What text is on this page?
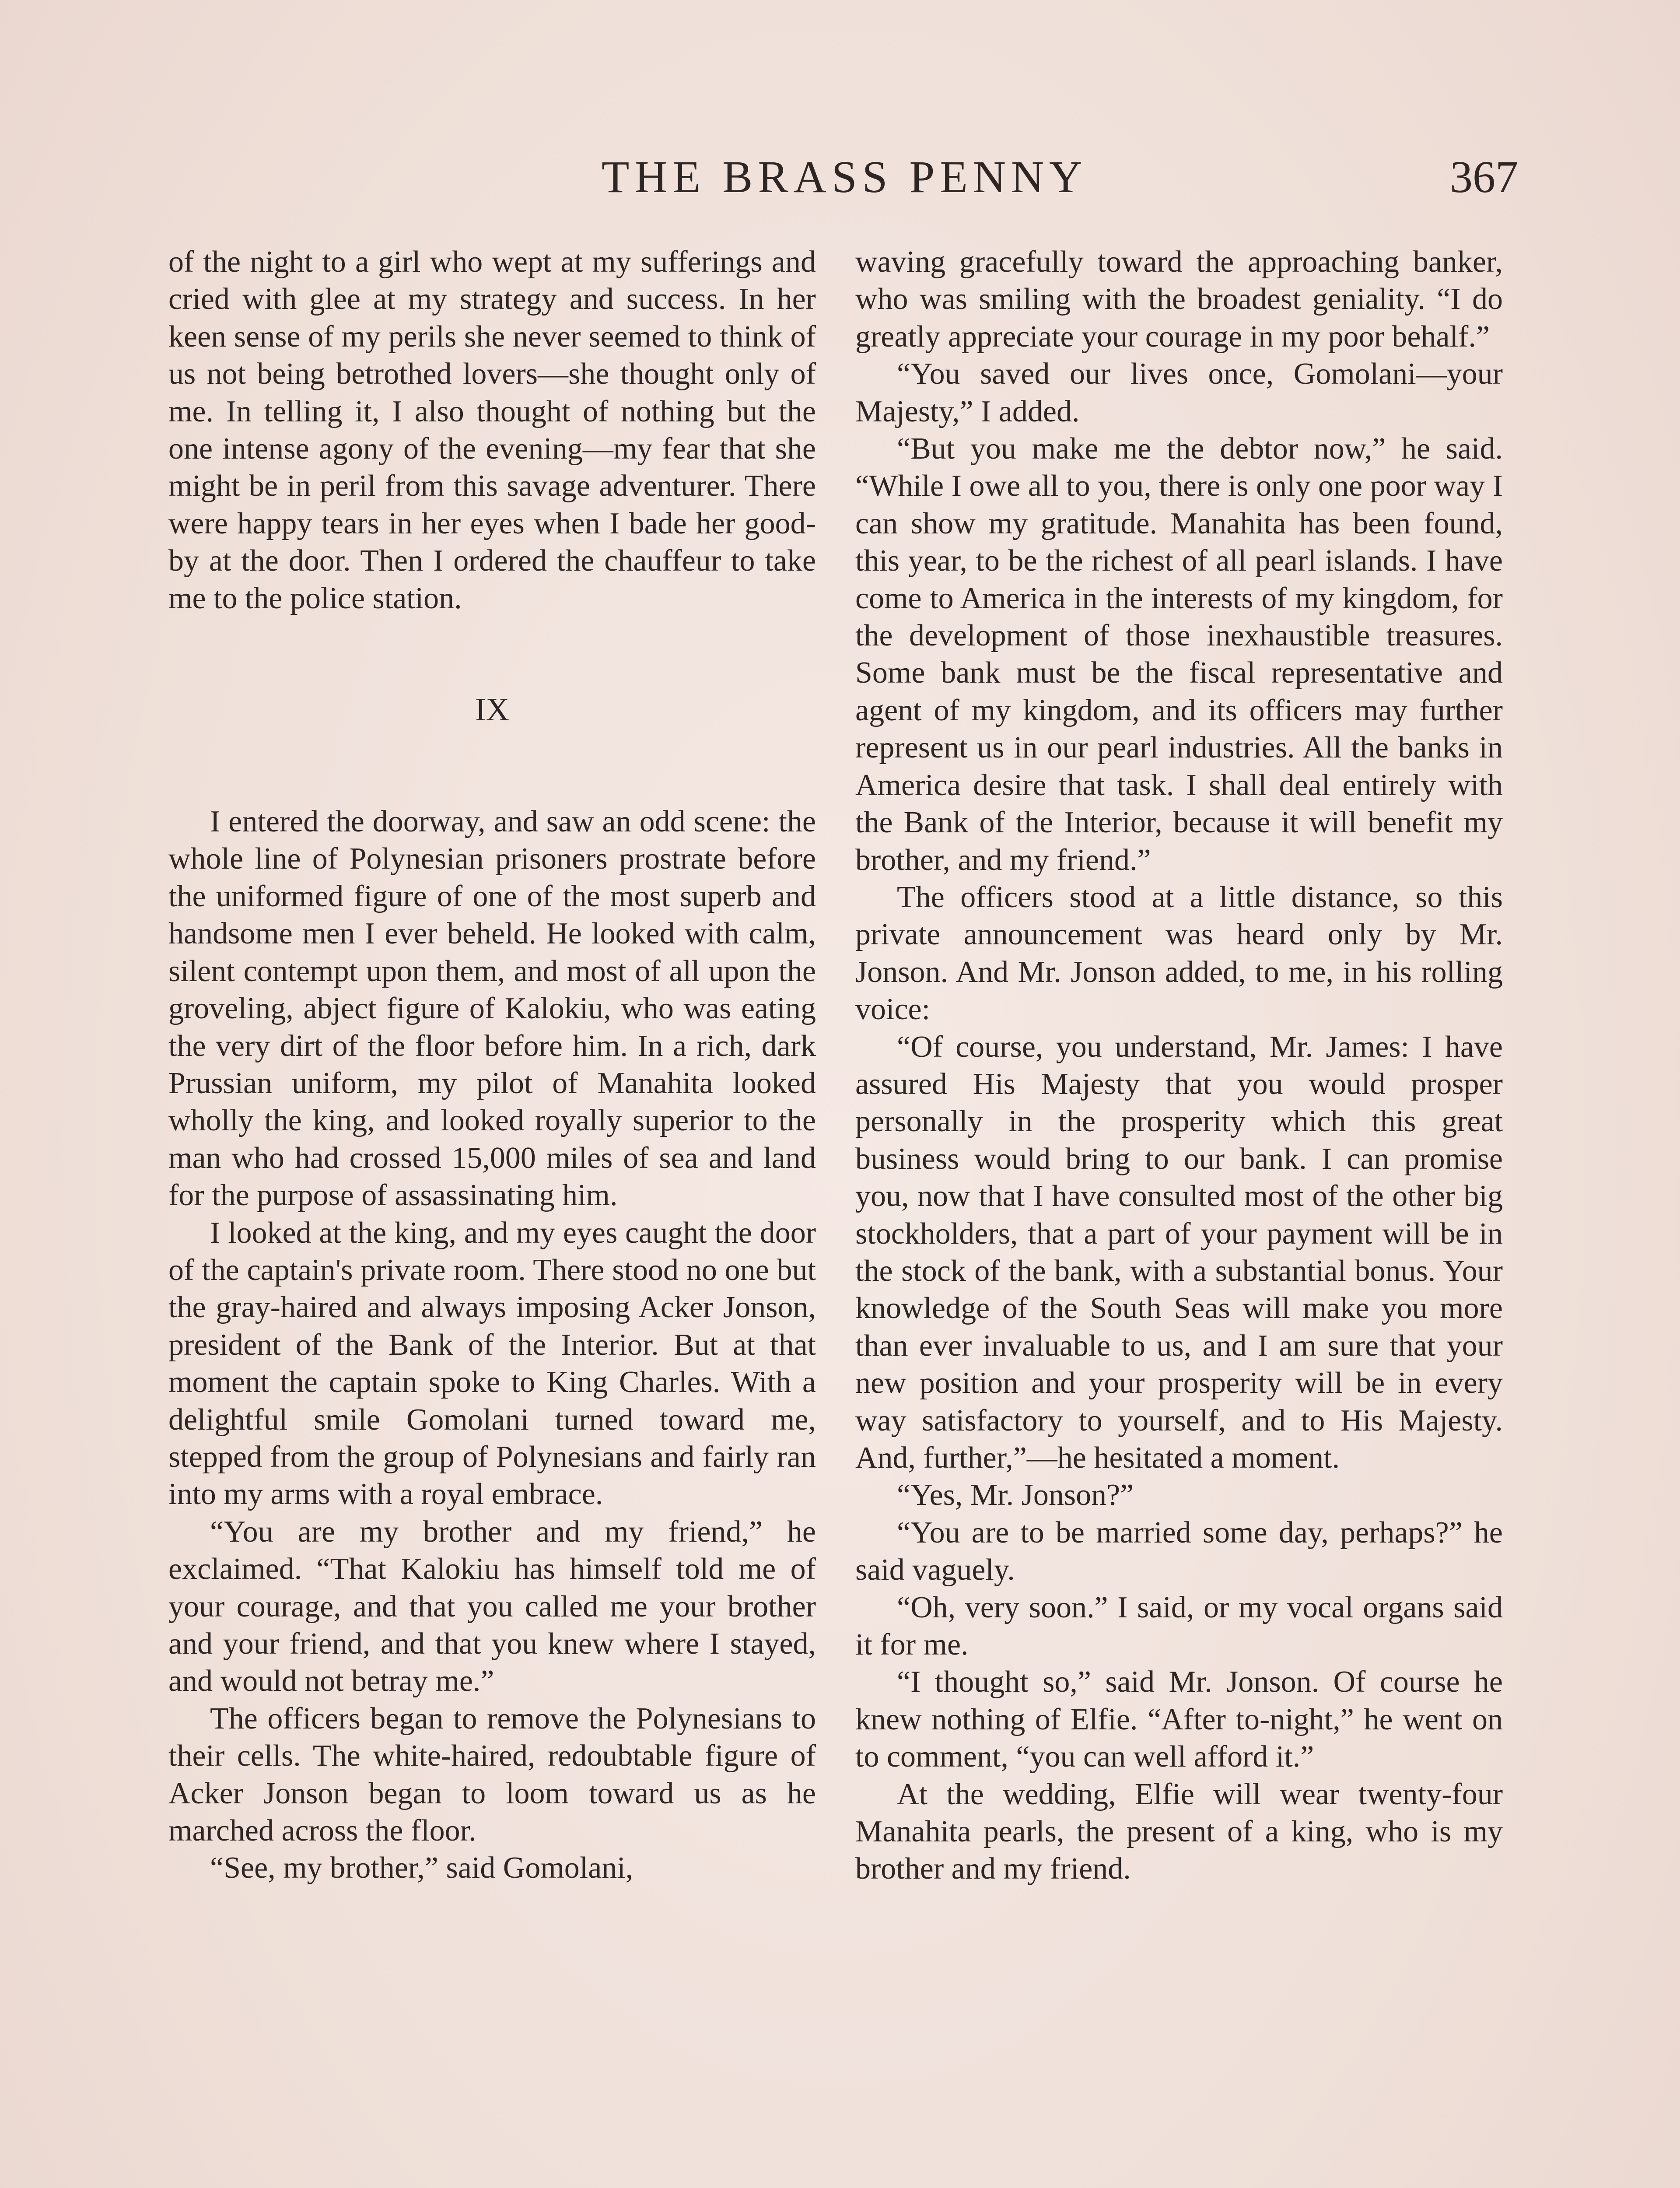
THE BRASS PENNY	367

of the night to a girl who wept at my sufferings and cried with glee at my strategy and success. In her keen sense of my perils she never seemed to think of us not being betrothed lovers—she thought only of me. In telling it, I also thought of nothing but the one intense agony of the evening—my fear that she might be in peril from this savage adventurer. There were happy tears in her eyes when I bade her good-by at the door. Then I ordered the chauffeur to take me to the police station.

IX

I entered the doorway, and saw an odd scene: the whole line of Polynesian prisoners prostrate before the uniformed figure of one of the most superb and handsome men I ever beheld. He looked with calm, silent contempt upon them, and most of all upon the groveling, abject figure of Kalokiu, who was eating the very dirt of the floor before him. In a rich, dark Prussian uniform, my pilot of Manahita looked wholly the king, and looked royally superior to the man who had crossed 15,000 miles of sea and land for the purpose of assassinating him.

I looked at the king, and my eyes caught the door of the captain's private room. There stood no one but the gray-haired and always imposing Acker Jonson, president of the Bank of the Interior. But at that moment the captain spoke to King Charles. With a delightful smile Gomolani turned toward me, stepped from the group of Polynesians and fairly ran into my arms with a royal embrace.

“You are my brother and my friend,” he exclaimed. “That Kalokiu has himself told me of your courage, and that you called me your brother and your friend, and that you knew where I stayed, and would not betray me.”

The officers began to remove the Polynesians to their cells. The white-haired, redoubtable figure of Acker Jonson began to loom toward us as he marched across the floor.

“See, my brother,” said Gomolani,

waving gracefully toward the approaching banker, who was smiling with the broadest geniality. “I do greatly appreciate your courage in my poor behalf.”

“You saved our lives once, Gomolani—your Majesty,” I added.

“But you make me the debtor now,” he said. “While I owe all to you, there is only one poor way I can show my gratitude. Manahita has been found, this year, to be the richest of all pearl islands. I have come to America in the interests of my kingdom, for the development of those inexhaustible treasures. Some bank must be the fiscal representative and agent of my kingdom, and its officers may further represent us in our pearl industries. All the banks in America desire that task. I shall deal entirely with the Bank of the Interior, because it will benefit my brother, and my friend.”

The officers stood at a little distance, so this private announcement was heard only by Mr. Jonson. And Mr. Jonson added, to me, in his rolling voice:

“Of course, you understand, Mr. James: I have assured His Majesty that you would prosper personally in the prosperity which this great business would bring to our bank. I can promise you, now that I have consulted most of the other big stockholders, that a part of your payment will be in the stock of the bank, with a substantial bonus. Your knowledge of the South Seas will make you more than ever invaluable to us, and I am sure that your new position and your prosperity will be in every way satisfactory to yourself, and to His Majesty. And, further,”—he hesitated a moment.

“Yes, Mr. Jonson?”

“You are to be married some day, perhaps?” he said vaguely.

“Oh, very soon.” I said, or my vocal organs said it for me.

“I thought so,” said Mr. Jonson. Of course he knew nothing of Elfie. “After to-night,” he went on to comment, “you can well afford it.”

At the wedding, Elfie will wear twenty-four Manahita pearls, the present of a king, who is my brother and my friend.
